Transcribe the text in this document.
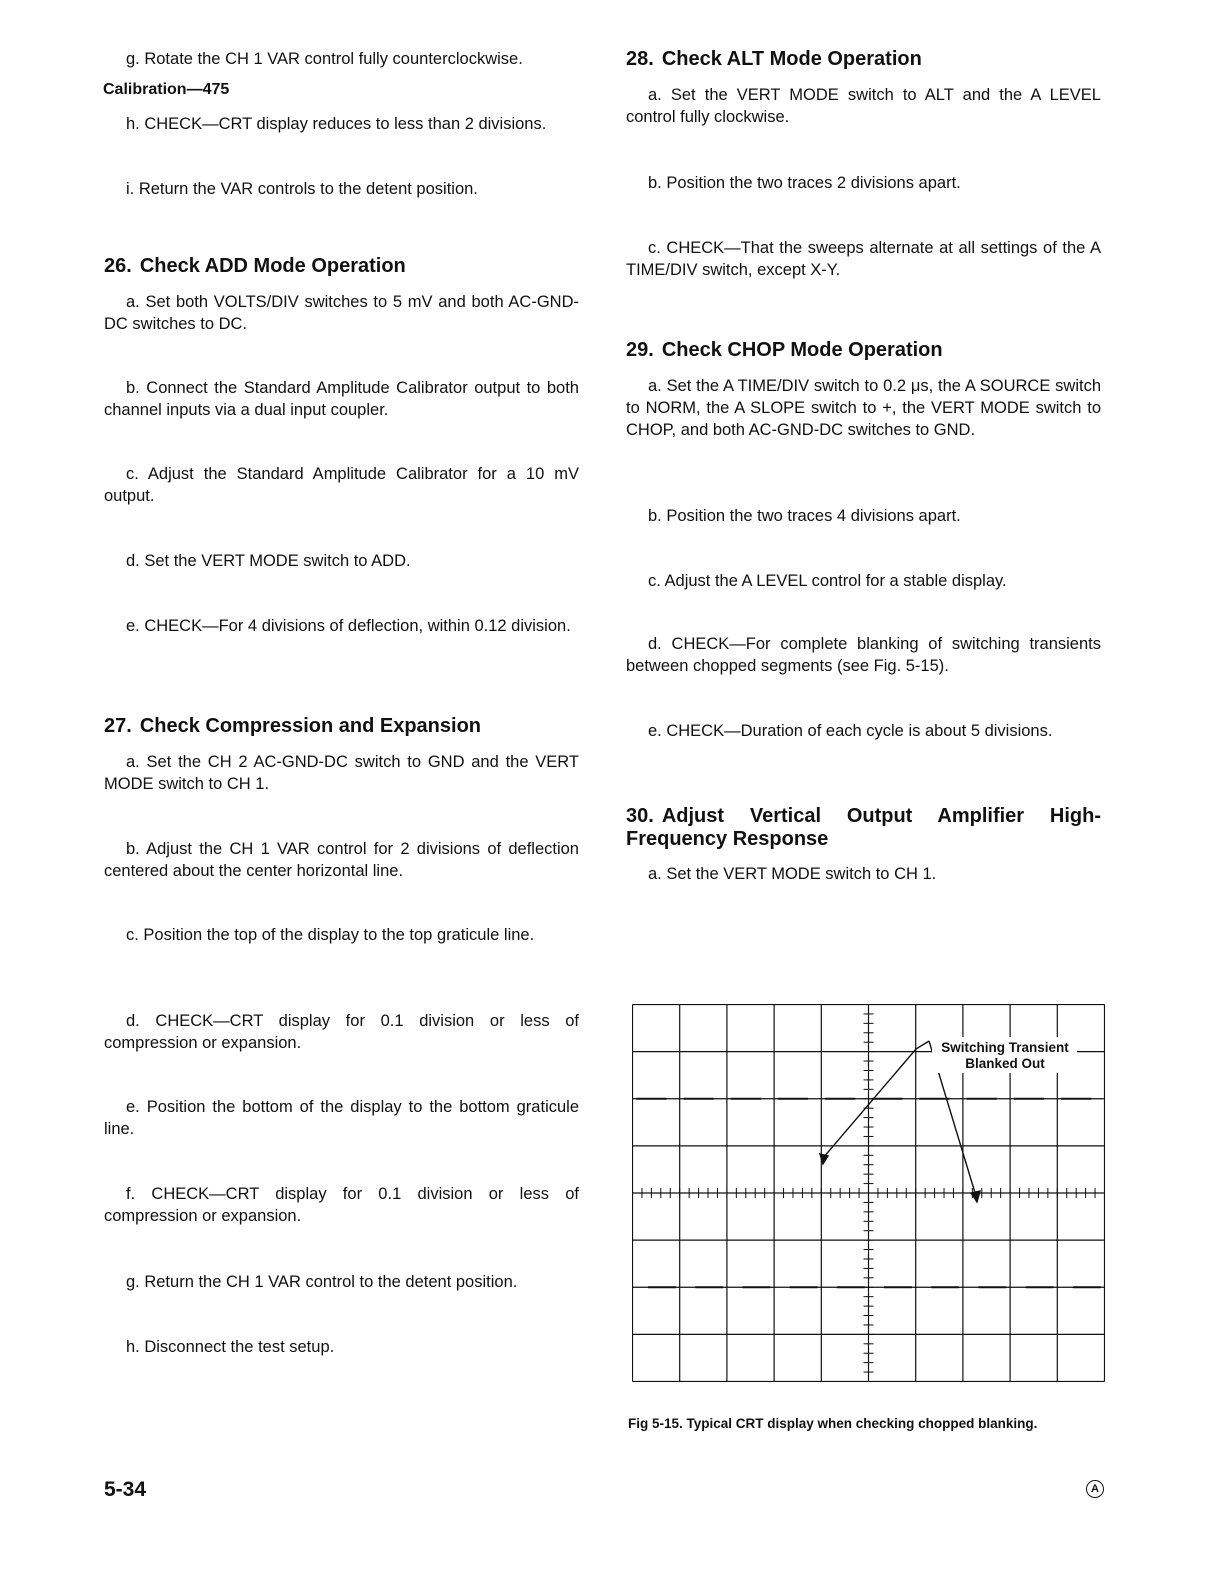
Calibration—475

g. Rotate the CH 1 VAR control fully counterclockwise.

h. CHECK—CRT display reduces to less than 2 divisions.

i. Return the VAR controls to the detent position.

26. Check ADD Mode Operation

a. Set both VOLTS/DIV switches to 5 mV and both AC-GND-DC switches to DC.

b. Connect the Standard Amplitude Calibrator output to both channel inputs via a dual input coupler.

c. Adjust the Standard Amplitude Calibrator for a 10 mV output.

d. Set the VERT MODE switch to ADD.

e. CHECK—For 4 divisions of deflection, within 0.12 division.

27. Check Compression and Expansion

a. Set the CH 2 AC-GND-DC switch to GND and the VERT MODE switch to CH 1.

b. Adjust the CH 1 VAR control for 2 divisions of deflection centered about the center horizontal line.

c. Position the top of the display to the top graticule line.

d. CHECK—CRT display for 0.1 division or less of compression or expansion.

e. Position the bottom of the display to the bottom graticule line.

f. CHECK—CRT display for 0.1 division or less of compression or expansion.

g. Return the CH 1 VAR control to the detent position.

h. Disconnect the test setup.

28. Check ALT Mode Operation

a. Set the VERT MODE switch to ALT and the A LEVEL control fully clockwise.

b. Position the two traces 2 divisions apart.

c. CHECK—That the sweeps alternate at all settings of the A TIME/DIV switch, except X-Y.

29. Check CHOP Mode Operation

a. Set the A TIME/DIV switch to 0.2 μs, the A SOURCE switch to NORM, the A SLOPE switch to +, the VERT MODE switch to CHOP, and both AC-GND-DC switches to GND.

b. Position the two traces 4 divisions apart.

c. Adjust the A LEVEL control for a stable display.

d. CHECK—For complete blanking of switching transients between chopped segments (see Fig. 5-15).

e. CHECK—Duration of each cycle is about 5 divisions.

30. Adjust Vertical Output Amplifier High-Frequency Response

a. Set the VERT MODE switch to CH 1.

Switching Transient
Blanked Out
Fig 5-15. Typical CRT display when checking chopped blanking.
5-34	A
